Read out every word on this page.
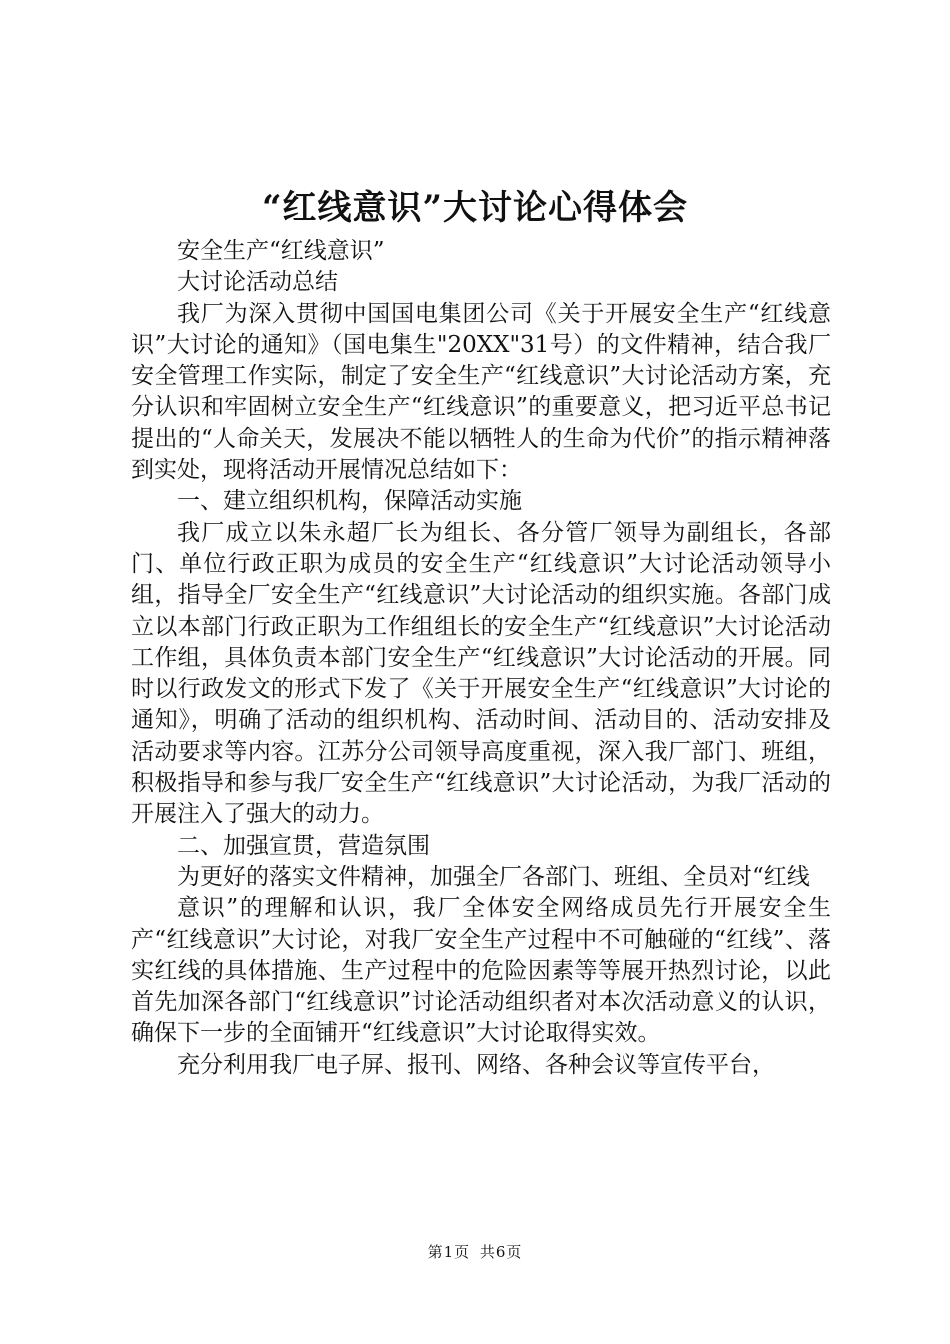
“红线意识”大讨论心得体会

安全生产“红线意识”

大讨论活动总结

我厂为深入贯彻中国国电集团公司《关于开展安全生产“红线意识”大讨论的通知》（国电集生"20XX"31号）的文件精神，结合我厂安全管理工作实际，制定了安全生产“红线意识”大讨论活动方案，充分认识和牢固树立安全生产“红线意识”的重要意义，把习近平总书记提出的“人命关天，发展决不能以牺牲人的生命为代价”的指示精神落到实处，现将活动开展情况总结如下：

一、建立组织机构，保障活动实施

我厂成立以朱永超厂长为组长、各分管厂领导为副组长，各部门、单位行政正职为成员的安全生产“红线意识”大讨论活动领导小组，指导全厂安全生产“红线意识”大讨论活动的组织实施。各部门成立以本部门行政正职为工作组组长的安全生产“红线意识”大讨论活动工作组，具体负责本部门安全生产“红线意识”大讨论活动的开展。同时以行政发文的形式下发了《关于开展安全生产“红线意识”大讨论的通知》，明确了活动的组织机构、活动时间、活动目的、活动安排及活动要求等内容。江苏分公司领导高度重视，深入我厂部门、班组，积极指导和参与我厂安全生产“红线意识”大讨论活动，为我厂活动的开展注入了强大的动力。

二、加强宣贯，营造氛围

为更好的落实文件精神，加强全厂各部门、班组、全员对“红线

意识”的理解和认识，我厂全体安全网络成员先行开展安全生产“红线意识”大讨论，对我厂安全生产过程中不可触碰的“红线”、落实红线的具体措施、生产过程中的危险因素等等展开热烈讨论，以此首先加深各部门“红线意识”讨论活动组织者对本次活动意义的认识，确保下一步的全面铺开“红线意识”大讨论取得实效。

充分利用我厂电子屏、报刊、网络、各种会议等宣传平台，

第1页 共6页
